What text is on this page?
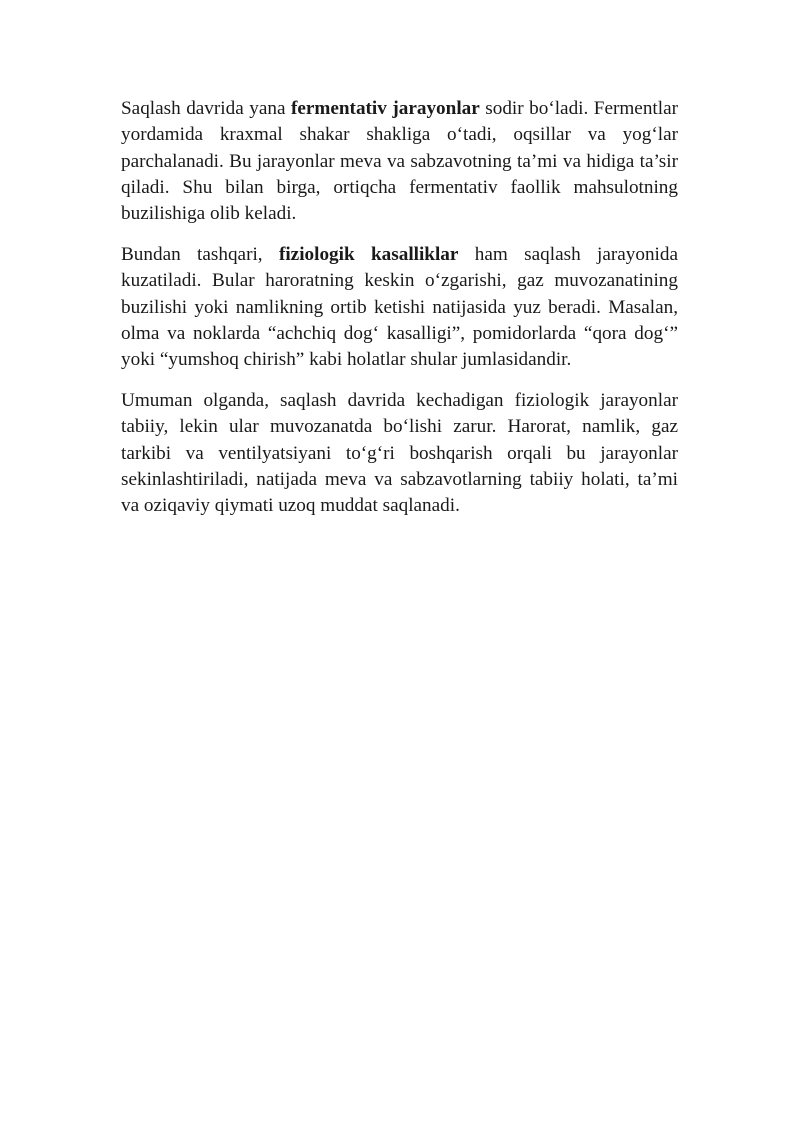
Saqlash davrida yana fermentativ jarayonlar sodir bo‘ladi. Fermentlar yordamida kraxmal shakar shakliga o‘tadi, oqsillar va yog‘lar parchalanadi. Bu jarayonlar meva va sabzavotning ta’mi va hidiga ta’sir qiladi. Shu bilan birga, ortiqcha fermentativ faollik mahsulotning buzilishiga olib keladi.

Bundan tashqari, fiziologik kasalliklar ham saqlash jarayonida kuzatiladi. Bular haroratning keskin o‘zgarishi, gaz muvozanatining buzilishi yoki namlikning ortib ketishi natijasida yuz beradi. Masalan, olma va noklarda “achchiq dog‘ kasalligi”, pomidorlarda “qora dog‘” yoki “yumshoq chirish” kabi holatlar shular jumlasidandir.

Umuman olganda, saqlash davrida kechadigan fiziologik jarayonlar tabiiy, lekin ular muvozanatda bo‘lishi zarur. Harorat, namlik, gaz tarkibi va ventilyatsiyani to‘g‘ri boshqarish orqali bu jarayonlar sekinlashtiriladi, natijada meva va sabzavotlarning tabiiy holati, ta’mi va oziqaviy qiymati uzoq muddat saqlanadi.
